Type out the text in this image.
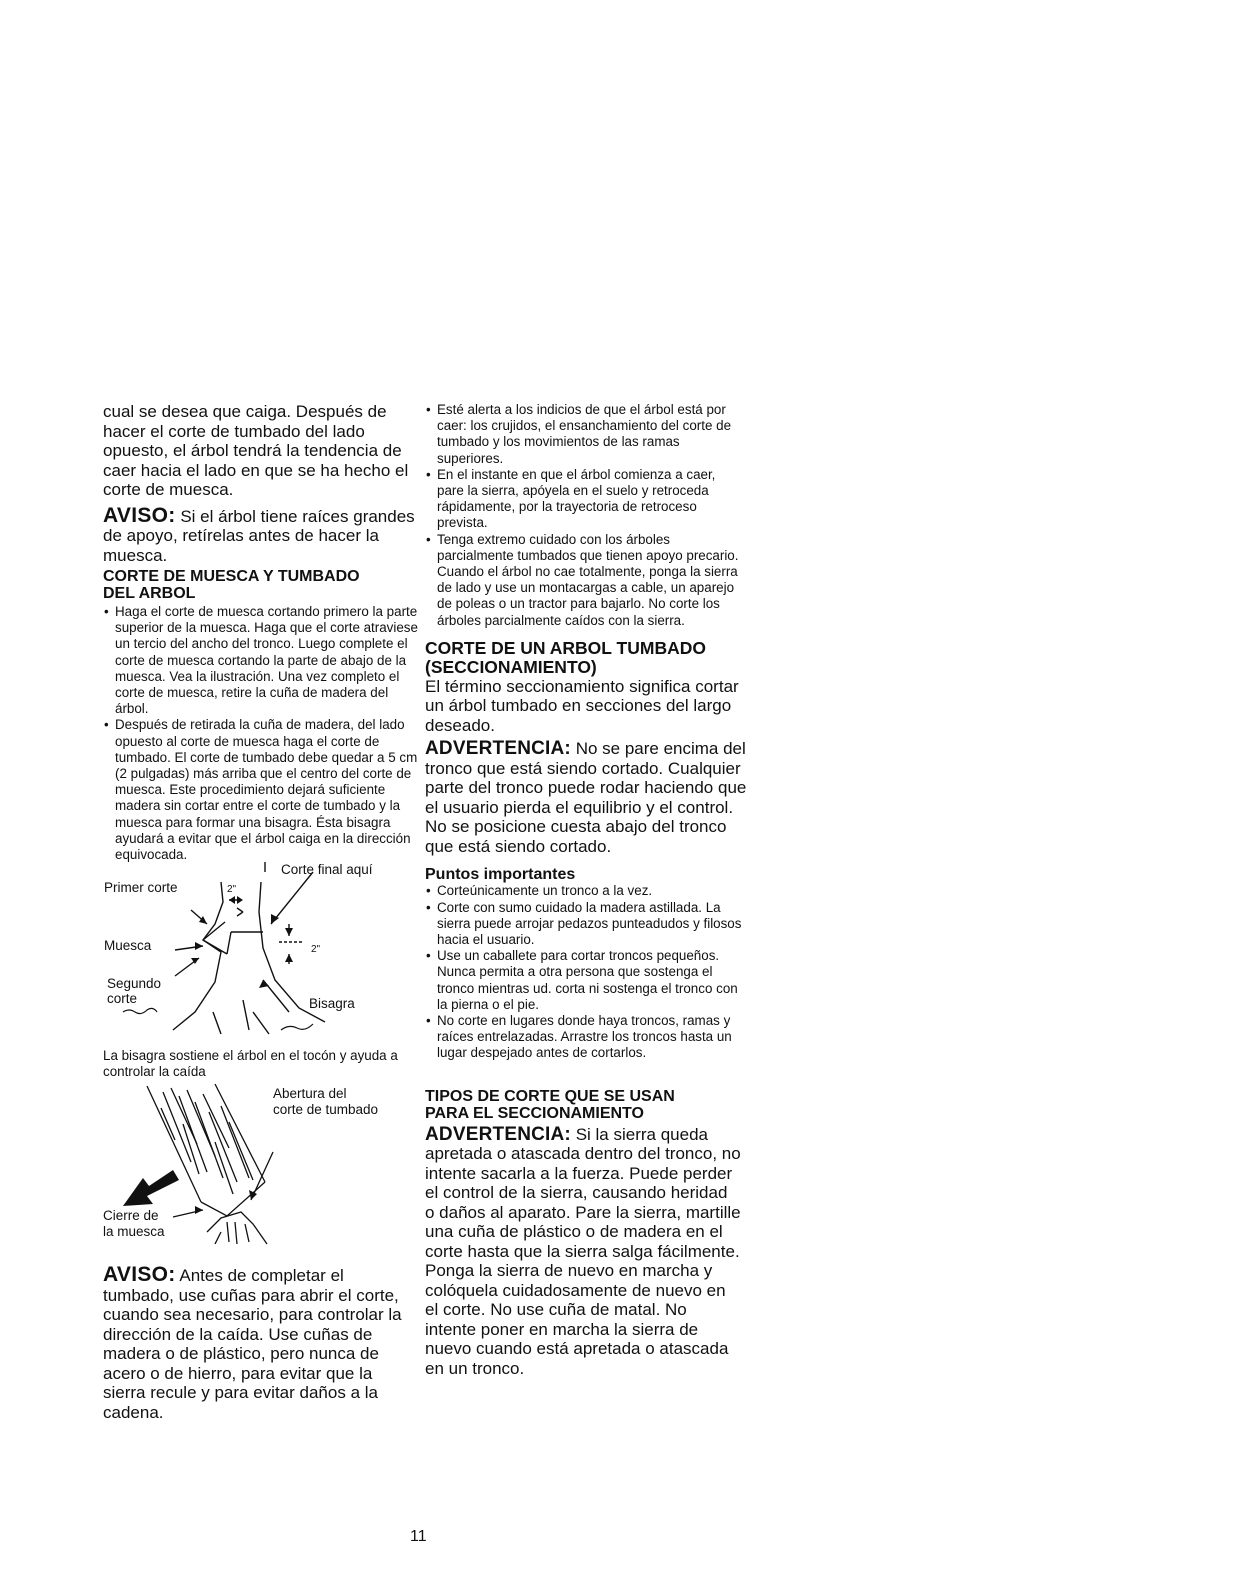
cual se desea que caiga. Después de hacer el corte de tumbado del lado opuesto, el árbol tendrá la tendencia de caer hacia el lado en que se ha hecho el corte de muesca.

AVISO: Si el árbol tiene raíces grandes de apoyo, retírelas antes de hacer la muesca.

CORTE DE MUESCA Y TUMBADO

DEL ARBOL

• Haga el corte de muesca cortando primero la parte superior de la muesca. Haga que el corte atraviese un tercio del ancho del tronco. Luego complete el corte de muesca cortando la parte de abajo de la muesca. Vea la ilustración. Una vez completo el corte de muesca, retire la cuña de madera del árbol.
• Después de retirada la cuña de madera, del lado opuesto al corte de muesca haga el corte de tumbado. El corte de tumbado debe quedar a 5 cm (2 pulgadas) más arriba que el centro del corte de muesca. Este procedimiento dejará suficiente madera sin cortar entre el corte de tumbado y la muesca para formar una bisagra. Ésta bisagra ayudará a evitar que el árbol caiga en la dirección equivocada.
Corte final aquí
Primer corte	2"
Muesca	2"
Segundo
corte	Bisagra

La bisagra sostiene el árbol en el tocón y ayuda a controlar la caída

Abertura del
corte de tumbado
Cierre de
la muesca

AVISO: Antes de completar el tumbado, use cuñas para abrir el corte, cuando sea necesario, para controlar la dirección de la caída. Use cuñas de madera o de plástico, pero nunca de acero o de hierro, para evitar que la sierra recule y para evitar daños a la cadena.

• Esté alerta a los indicios de que el árbol está por caer: los crujidos, el ensanchamiento del corte de tumbado y los movimientos de las ramas superiores.
• En el instante en que el árbol comienza a caer, pare la sierra, apóyela en el suelo y retroceda rápidamente, por la trayectoria de retroceso prevista.
• Tenga extremo cuidado con los árboles parcialmente tumbados que tienen apoyo precario. Cuando el árbol no cae totalmente, ponga la sierra de lado y use un montacargas a cable, un aparejo de poleas o un tractor para bajarlo. No corte los árboles parcialmente caídos con la sierra.

CORTE DE UN ARBOL TUMBADO

(SECCIONAMIENTO)

El término seccionamiento significa cortar un árbol tumbado en secciones del largo deseado.

ADVERTENCIA: No se pare encima del tronco que está siendo cortado. Cualquier parte del tronco puede rodar haciendo que el usuario pierda el equilibrio y el control. No se posicione cuesta abajo del tronco que está siendo cortado.

Puntos importantes

• Corteúnicamente un tronco a la vez.
• Corte con sumo cuidado la madera astillada. La sierra puede arrojar pedazos punteadudos y filosos hacia el usuario.
• Use un caballete para cortar troncos pequeños. Nunca permita a otra persona que sostenga el tronco mientras ud. corta ni sostenga el tronco con la pierna o el pie.
• No corte en lugares donde haya troncos, ramas y raíces entrelazadas. Arrastre los troncos hasta un lugar despejado antes de cortarlos.

TIPOS DE CORTE QUE SE USAN

PARA EL SECCIONAMIENTO

ADVERTENCIA: Si la sierra queda apretada o atascada dentro del tronco, no intente sacarla a la fuerza. Puede perder el control de la sierra, causando heridad o daños al aparato. Pare la sierra, martille una cuña de plástico o de madera en el corte hasta que la sierra salga fácilmente. Ponga la sierra de nuevo en marcha y colóquela cuidadosamente de nuevo en el corte. No use cuña de matal. No intente poner en marcha la sierra de nuevo cuando está apretada o atascada en un tronco.

11
